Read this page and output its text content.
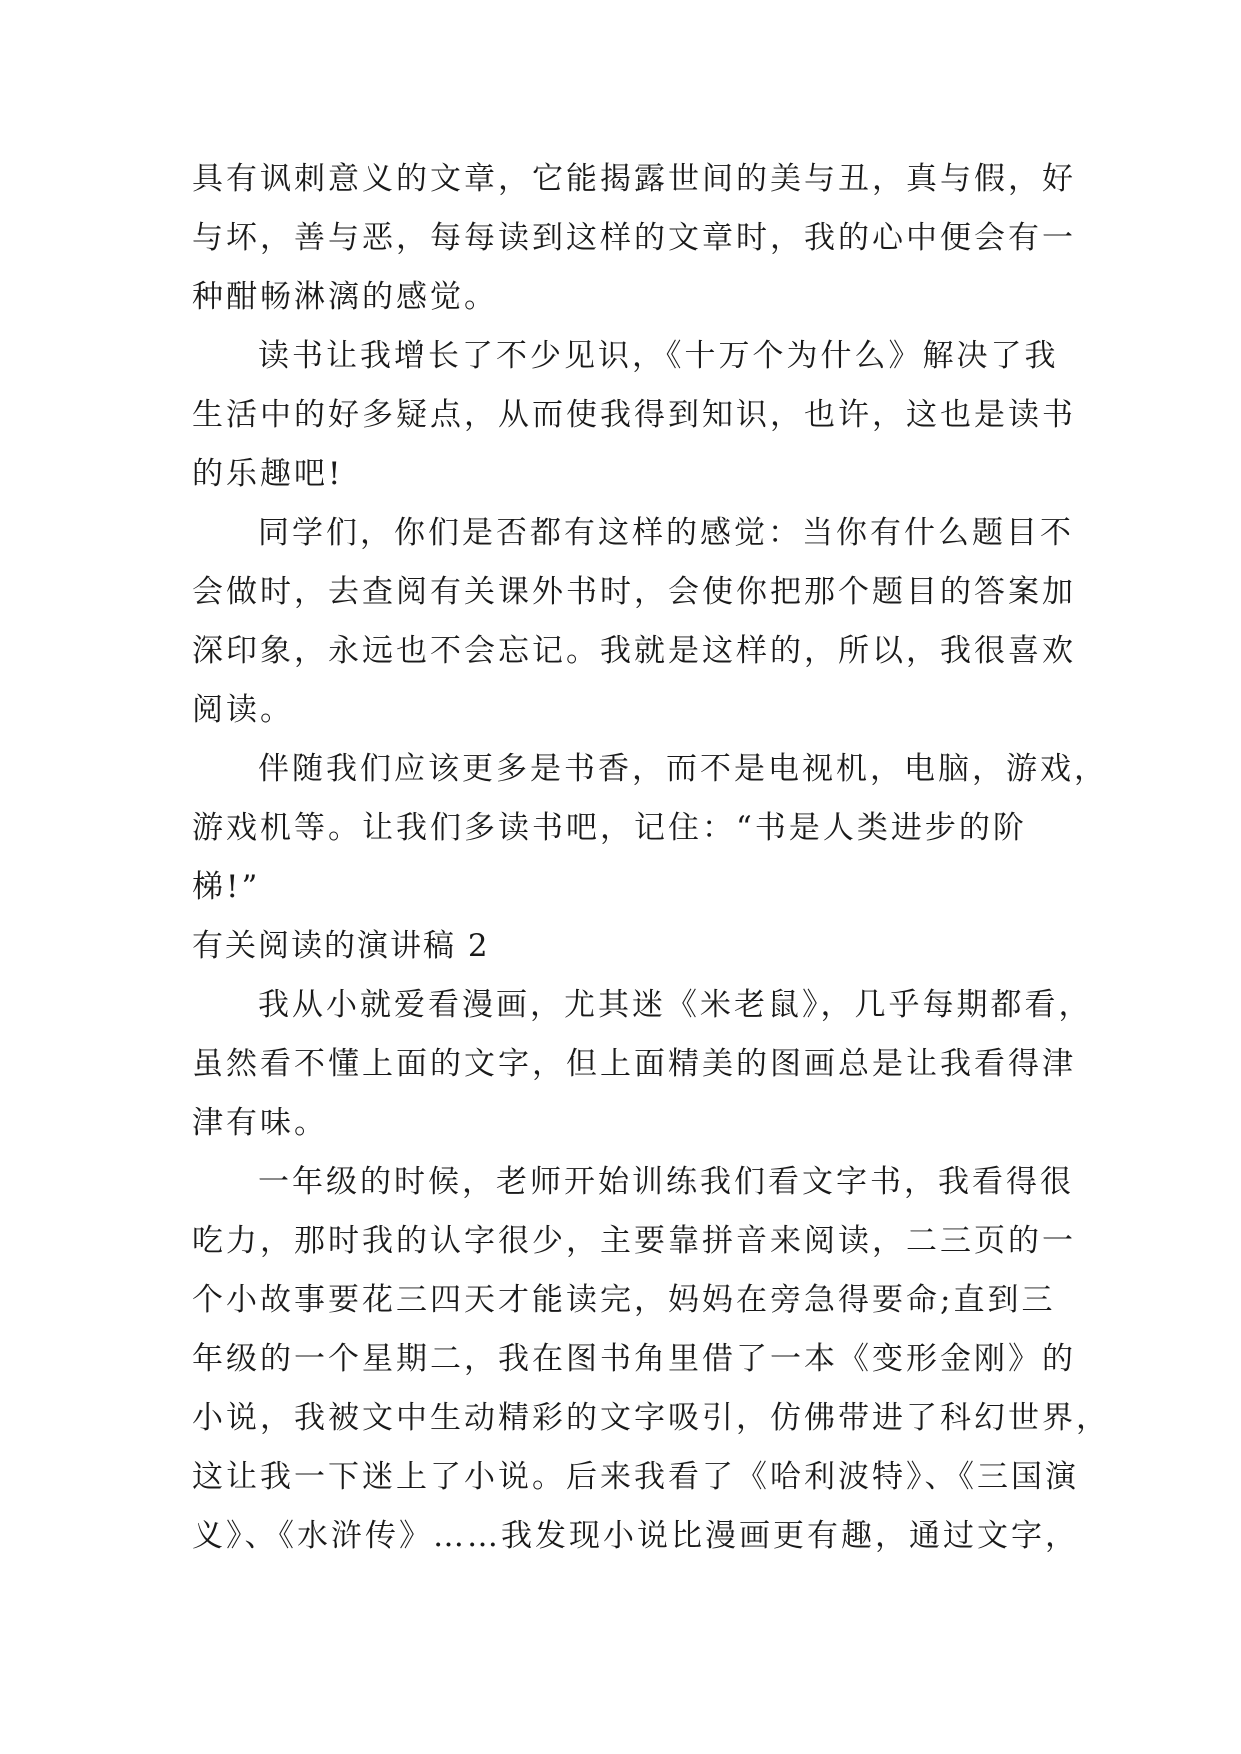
具有讽刺意义的文章，它能揭露世间的美与丑，真与假，好
与坏，善与恶，每每读到这样的文章时，我的心中便会有一
种酣畅淋漓的感觉。
读书让我增长了不少见识，《十万个为什么》解决了我
生活中的好多疑点，从而使我得到知识，也许，这也是读书
的乐趣吧!
同学们，你们是否都有这样的感觉：当你有什么题目不
会做时，去查阅有关课外书时，会使你把那个题目的答案加
深印象，永远也不会忘记。我就是这样的，所以，我很喜欢
阅读。
伴随我们应该更多是书香，而不是电视机，电脑，游戏，
游戏机等。让我们多读书吧，记住：“书是人类进步的阶
梯!”
有关阅读的演讲稿 2
我从小就爱看漫画，尤其迷《米老鼠》，几乎每期都看，
虽然看不懂上面的文字，但上面精美的图画总是让我看得津
津有味。
一年级的时候，老师开始训练我们看文字书，我看得很
吃力，那时我的认字很少，主要靠拼音来阅读，二三页的一
个小故事要花三四天才能读完，妈妈在旁急得要命;直到三
年级的一个星期二，我在图书角里借了一本《变形金刚》的
小说，我被文中生动精彩的文字吸引，仿佛带进了科幻世界，
这让我一下迷上了小说。后来我看了《哈利波特》、《三国演
义》、《水浒传》……我发现小说比漫画更有趣，通过文字，
